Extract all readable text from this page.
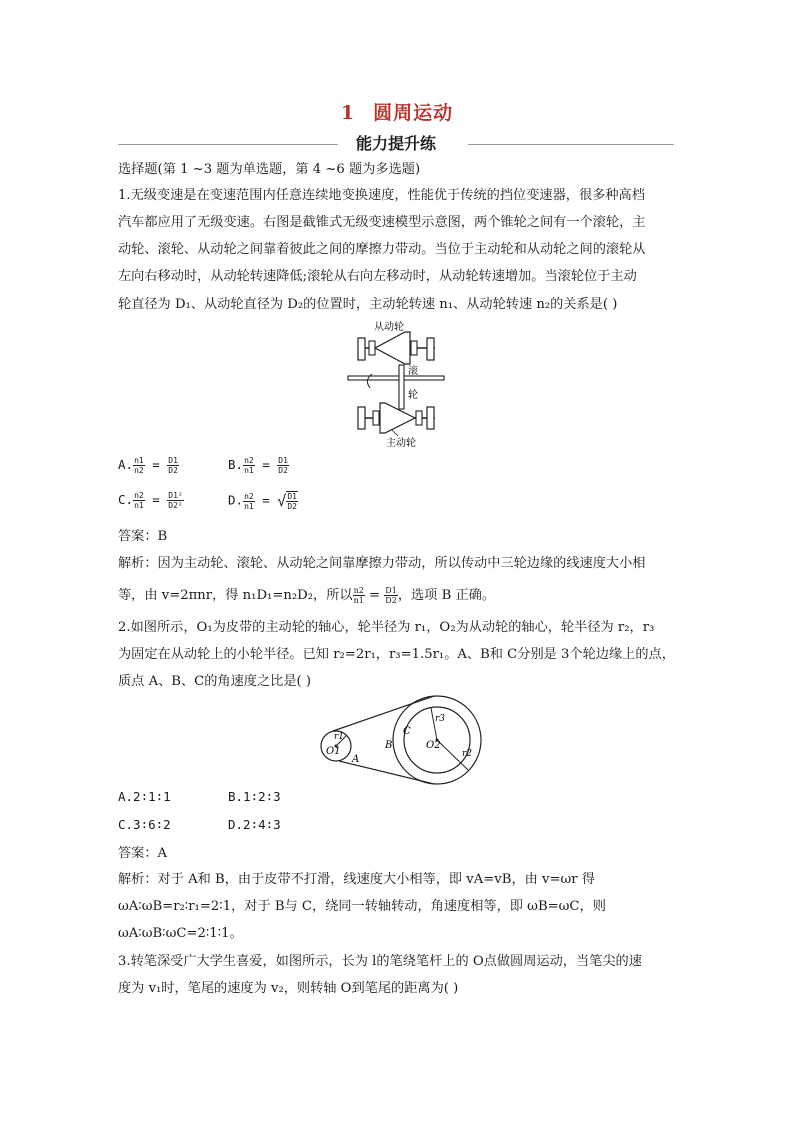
1 圆周运动
能力提升练
选择题(第 1 ~3 题为单选题，第 4 ~6 题为多选题)
1.无级变速是在变速范围内任意连续地变换速度，性能优于传统的挡位变速器，很多种高档
汽车都应用了无级变速。右图是截锥式无级变速模型示意图，两个锥轮之间有一个滚轮，主
动轮、滚轮、从动轮之间靠着彼此之间的摩擦力带动。当位于主动轮和从动轮之间的滚轮从
左向右移动时，从动轮转速降低;滚轮从右向左移动时，从动轮转速增加。当滚轮位于主动
轮直径为 D₁、从动轮直径为 D₂的位置时，主动轮转速 n₁、从动轮转速 n₂的关系是( )
从动轮
滚
轮
主动轮
A. $\frac{n1}{n2} = \frac{D1}{D2}$	B. $\frac{n2}{n1} = \frac{D1}{D2}$
C. $\frac{n2}{n1} = \frac{\text{D1²}}{\text{D2²}}$	D. $\frac{n2}{n1}$ = √ $\frac{D1}{D2}$
答案：B
解析：因为主动轮、滚轮、从动轮之间靠摩擦力带动，所以传动中三轮边缘的线速度大小相
等，由 v=2πnr，得 n₁D₁=n₂D₂，所以 $\frac{n2}{n1} = \frac{D1}{D2}$ ，选项 B 正确。
2.如图所示，O₁为皮带的主动轮的轴心，轮半径为 r₁，O₂为从动轮的轴心，轮半径为 r₂，r₃
为固定在从动轮上的小轮半径。已知 r₂=2r₁，r₃=1.5r₁。A、B和 C分别是 3个轮边缘上的点，
质点 A、B、C的角速度之比是( )
r1
O1
A
B
C
r3
O2
r2
A.2∶1∶1	B.1∶2∶3
C.3∶6∶2	D.2∶4∶3
答案：A
解析：对于 A和 B，由于皮带不打滑，线速度大小相等，即 vA=vB，由 v=ωr 得
ωA∶ωB=r₂∶r₁=2∶1，对于 B与 C，绕同一转轴转动，角速度相等，即 ωB=ωC，则
ωA∶ωB∶ωC=2∶1∶1。
3.转笔深受广大学生喜爱，如图所示，长为 l的笔绕笔杆上的 O点做圆周运动，当笔尖的速
度为 v₁时，笔尾的速度为 v₂，则转轴 O到笔尾的距离为( )
